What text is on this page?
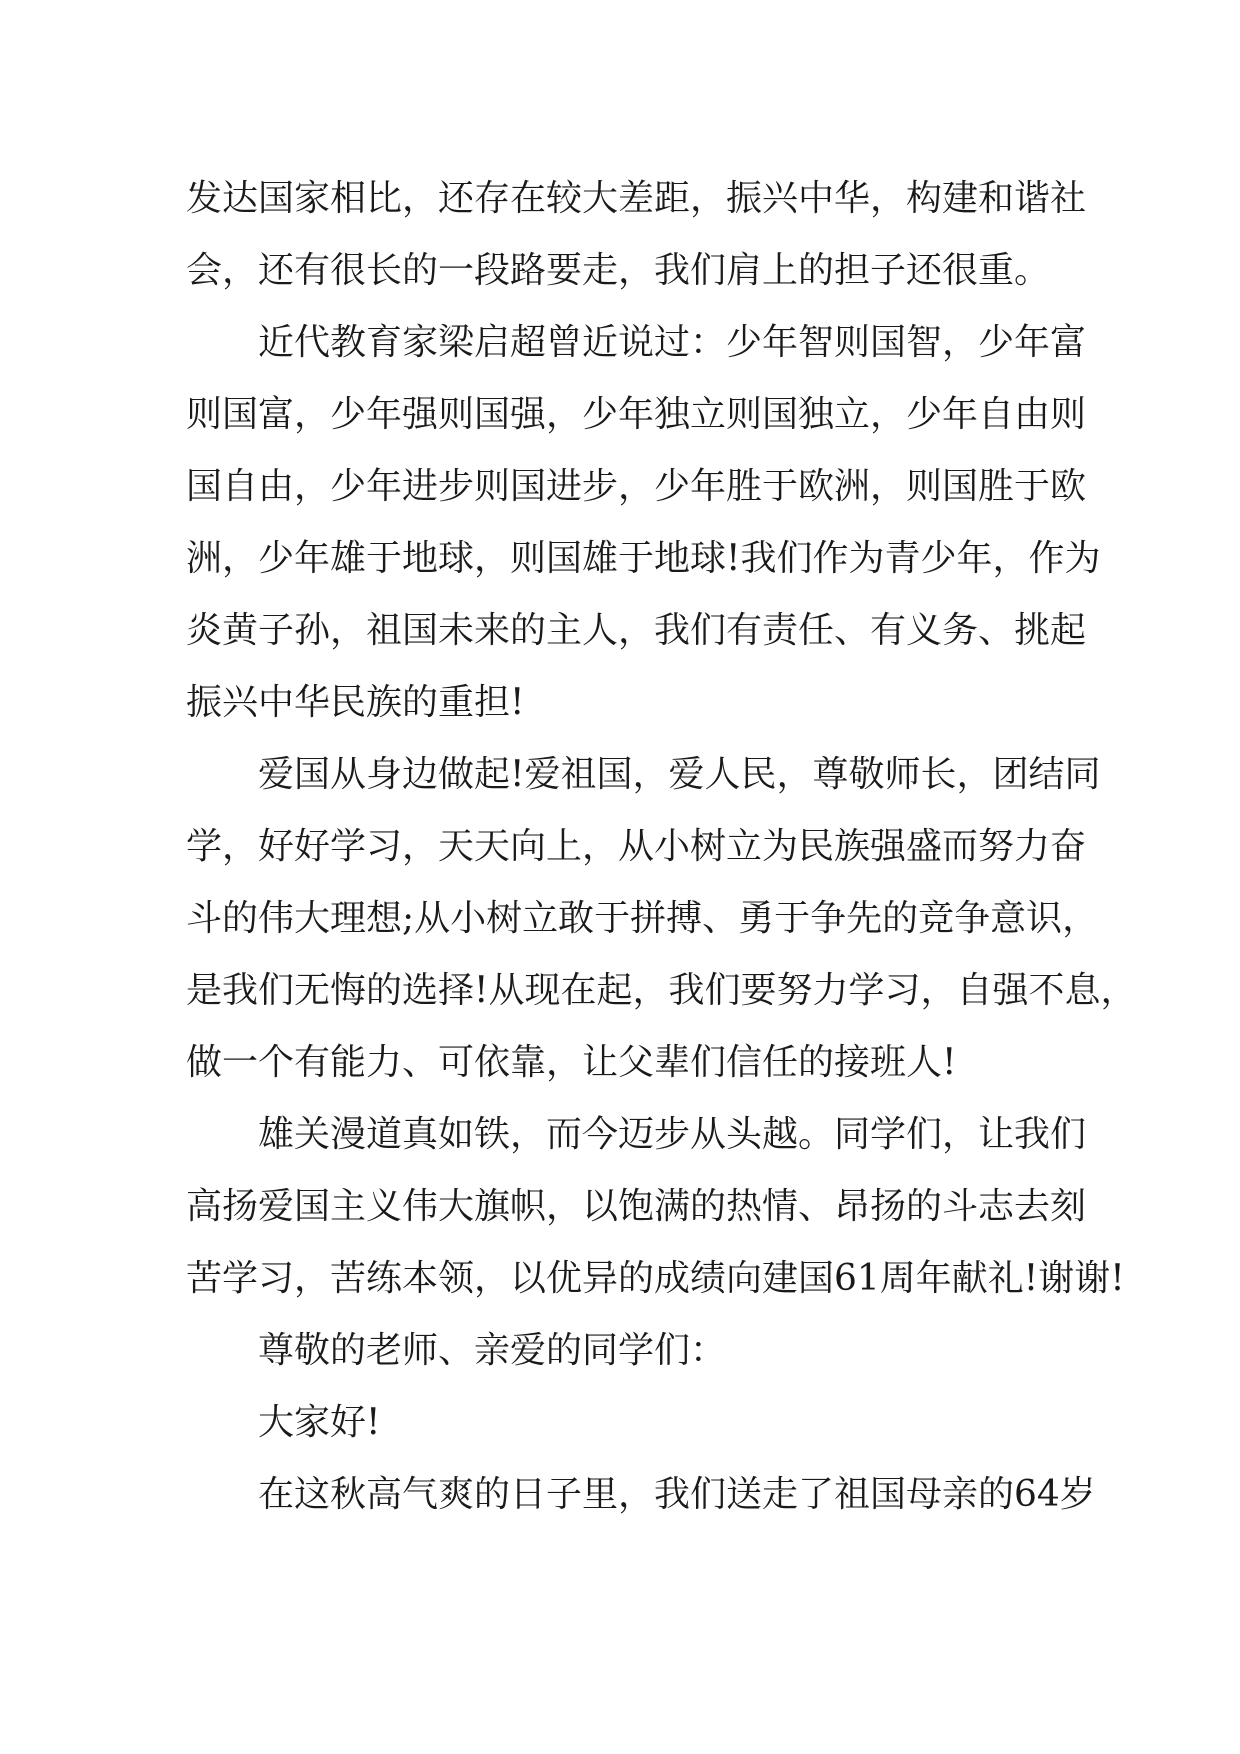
发达国家相比，还存在较大差距，振兴中华，构建和谐社
会，还有很长的一段路要走，我们肩上的担子还很重。
近代教育家梁启超曾近说过：少年智则国智，少年富
则国富，少年强则国强，少年独立则国独立，少年自由则
国自由，少年进步则国进步，少年胜于欧洲，则国胜于欧
洲，少年雄于地球，则国雄于地球!我们作为青少年，作为
炎黄子孙，祖国未来的主人，我们有责任、有义务、挑起
振兴中华民族的重担!
爱国从身边做起!爱祖国，爱人民，尊敬师长，团结同
学，好好学习，天天向上，从小树立为民族强盛而努力奋
斗的伟大理想;从小树立敢于拼搏、勇于争先的竞争意识，
是我们无悔的选择!从现在起，我们要努力学习，自强不息，
做一个有能力、可依靠，让父辈们信任的接班人!
雄关漫道真如铁，而今迈步从头越。同学们，让我们
高扬爱国主义伟大旗帜，以饱满的热情、昂扬的斗志去刻
苦学习，苦练本领，以优异的成绩向建国61周年献礼!谢谢!
尊敬的老师、亲爱的同学们：
大家好!
在这秋高气爽的日子里，我们送走了祖国母亲的64岁
